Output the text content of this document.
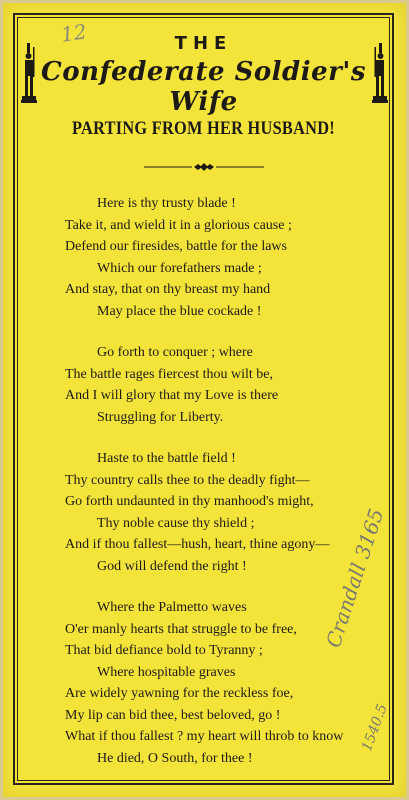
12	THE
Confederate Soldier's Wife
PARTING FROM HER HUSBAND!
Here is thy trusty blade !
Take it, and wield it in a glorious cause ;
Defend our firesides, battle for the laws
Which our forefathers made ;
And stay, that on thy breast my hand
May place the blue cockade !
Go forth to conquer ; where
The battle rages fiercest thou wilt be,
And I will glory that my Love is there
Struggling for Liberty.
Haste to the battle field !
Thy country calls thee to the deadly fight—
Go forth undaunted in thy manhood's might,
Thy noble cause thy shield ;
And if thou fallest—hush, heart, thine agony—
God will defend the right !
Where the Palmetto waves
O'er manly hearts that struggle to be free,
That bid defiance bold to Tyranny ;
Where hospitable graves
Are widely yawning for the reckless foe,
My lip can bid thee, best beloved, go !
What if thou fallest ? my heart will throb to know
He died, O South, for thee !
Crandall 3165
1540.5
